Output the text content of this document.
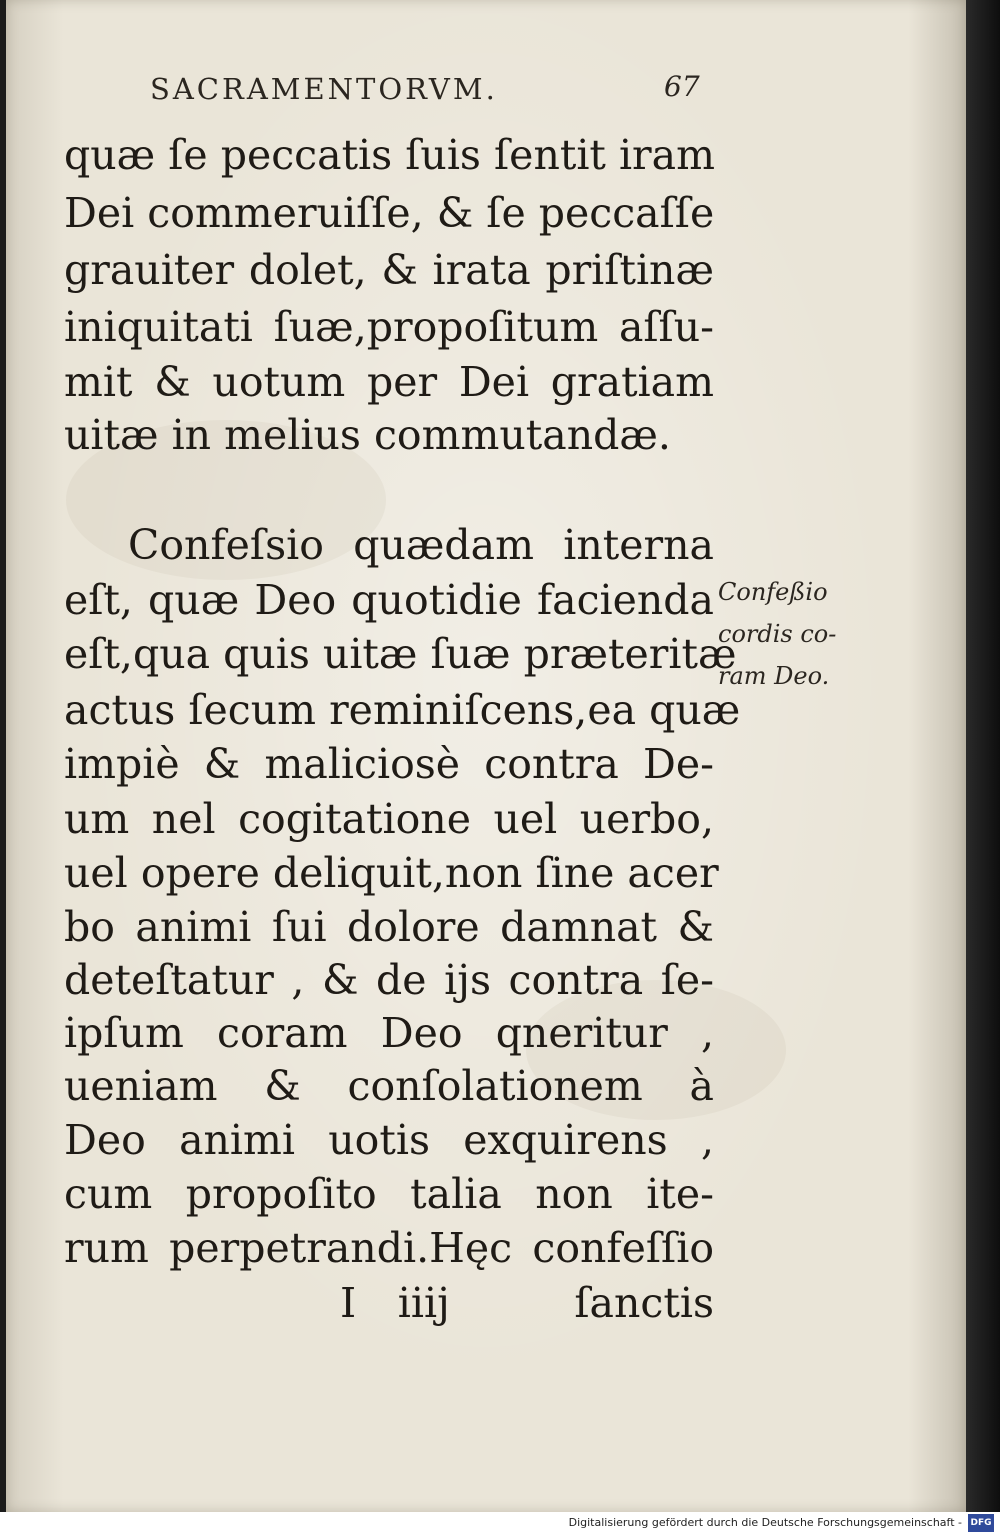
SACRAMENTORVM.	67
quæ ſe peccatis ſuis ſentit iram
Dei commeruiſſe, & ſe peccaſſe
grauiter dolet, & irata priſtinæ
iniquitati ſuæ,propoſitum aſſu-
mit & uotum per Dei gratiam
uitæ in melius commutandæ.
Confeſsio quædam interna
eſt, quæ Deo quotidie facienda
eſt,qua quis uitæ ſuæ præteritæ
actus ſecum reminiſcens,ea quæ
impiè & maliciosè contra De-
um nel cogitatione uel uerbo,
uel opere deliquit,non ſine acer
bo animi ſui dolore damnat &
deteſtatur , & de ijs contra ſe-
ipſum coram Deo qneritur ,
ueniam & conſolationem à
Deo animi uotis exquirens ,
cum propoſito talia non ite-
rum perpetrandi.Hęc confeſſio
I iiij   ſanctis
Confeßio
cordis co-
ram Deo.
Digitalisierung gefördert durch die Deutsche Forschungsgemeinschaft - DFG
